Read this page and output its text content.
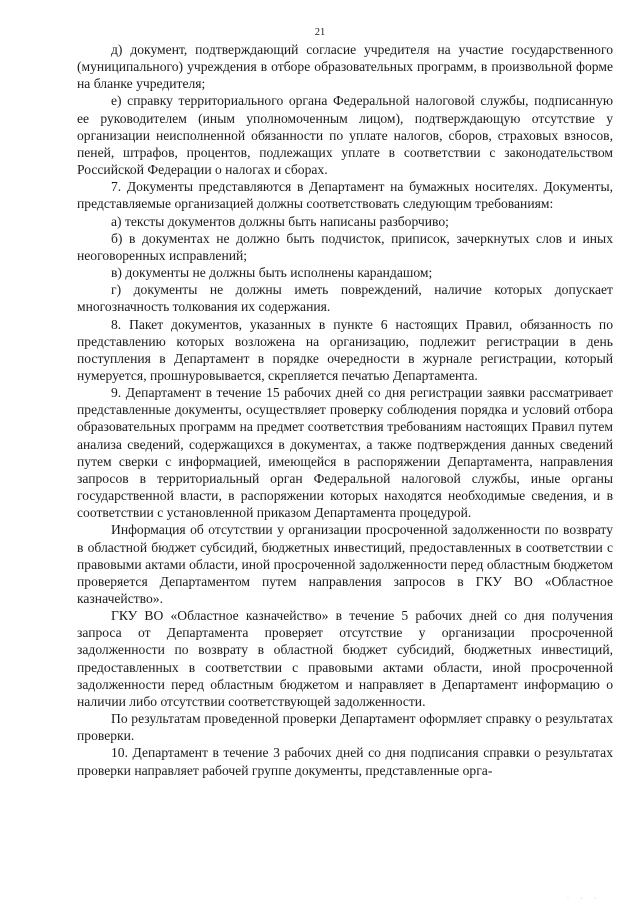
21

д) документ, подтверждающий согласие учредителя на участие государственного (муниципального) учреждения в отборе образовательных программ, в произвольной форме на бланке учредителя;

е) справку территориального органа Федеральной налоговой службы, подписанную ее руководителем (иным уполномоченным лицом), подтверждающую отсутствие у организации неисполненной обязанности по уплате налогов, сборов, страховых взносов, пеней, штрафов, процентов, подлежащих уплате в соответствии с законодательством Российской Федерации о налогах и сборах.

7. Документы представляются в Департамент на бумажных носителях. Документы, представляемые организацией должны соответствовать следующим требованиям:

а) тексты документов должны быть написаны разборчиво;

б) в документах не должно быть подчисток, приписок, зачеркнутых слов и иных неоговоренных исправлений;

в) документы не должны быть исполнены карандашом;

г) документы не должны иметь повреждений, наличие которых допускает многозначность толкования их содержания.

8. Пакет документов, указанных в пункте 6 настоящих Правил, обязанность по представлению которых возложена на организацию, подлежит регистрации в день поступления в Департамент в порядке очередности в журнале регистрации, который нумеруется, прошнуровывается, скрепляется печатью Департамента.

9. Департамент в течение 15 рабочих дней со дня регистрации заявки рассматривает представленные документы, осуществляет проверку соблюдения порядка и условий отбора образовательных программ на предмет соответствия требованиям настоящих Правил путем анализа сведений, содержащихся в документах, а также подтверждения данных сведений путем сверки с информацией, имеющейся в распоряжении Департамента, направления запросов в территориальный орган Федеральной налоговой службы, иные органы государственной власти, в распоряжении которых находятся необходимые сведения, и в соответствии с установленной приказом Департамента процедурой.

Информация об отсутствии у организации просроченной задолженности по возврату в областной бюджет субсидий, бюджетных инвестиций, предоставленных в соответствии с правовыми актами области, иной просроченной задолженности перед областным бюджетом проверяется Департаментом путем направления запросов в ГКУ ВО «Областное казначейство».

ГКУ ВО «Областное казначейство» в течение 5 рабочих дней со дня получения запроса от Департамента проверяет отсутствие у организации просроченной задолженности по возврату в областной бюджет субсидий, бюджетных инвестиций, предоставленных в соответствии с правовыми актами области, иной просроченной задолженности перед областным бюджетом и направляет в Департамент информацию о наличии либо отсутствии соответствующей задолженности.

По результатам проведенной проверки Департамент оформляет справку о результатах проверки.

10. Департамент в течение 3 рабочих дней со дня подписания справки о результатах проверки направляет рабочей группе документы, представленные орга-

· · ·
